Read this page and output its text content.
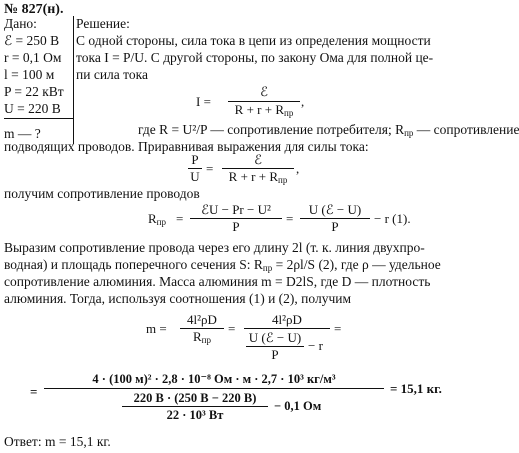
№ 827(н).
Дано:
ℰ = 250 В
r = 0,1 Ом
l = 100 м
P = 22 кВт
U = 220 В
m — ?
Решение:
С одной стороны, сила тока в цепи из определения мощности
тока I = P/U. С другой стороны, по закону Ома для полной це-
пи сила тока
I =
ℰ
$R + r + R_{пр}$
,
где R = U²/P — сопротивление потребителя; $R_{пр}$ — сопротивление
подводящих проводов. Приравнивая выражения для силы тока:
P
U
=
ℰ
$R + r + R_{пр}$
,
получим сопротивление проводов
$R_{пр}$ =
ℰU − Pr − U²
P
=
U (ℰ − U)
P
− r (1).
Выразим сопротивление провода через его длину 2l (т. к. линия двухпро-
водная) и площадь поперечного сечения S: $R_{пр} = 2\rho l/S$ (2), где ρ — удельное
сопротивление алюминия. Масса алюминия m = D2lS, где D — плотность
алюминия. Тогда, используя соотношения (1) и (2), получим
m =
4l²ρD
$R_{пр}$
=
4l²ρD
U (ℰ − U)
P
− r
=
=
4 · (100 м)² · 2,8 · 10⁻⁸ Ом · м · 2,7 · 10³ кг/м³
220 В · (250 В − 220 В)
22 · 10³ Вт
− 0,1 Ом
= 15,1 кг.
Ответ: m = 15,1 кг.
